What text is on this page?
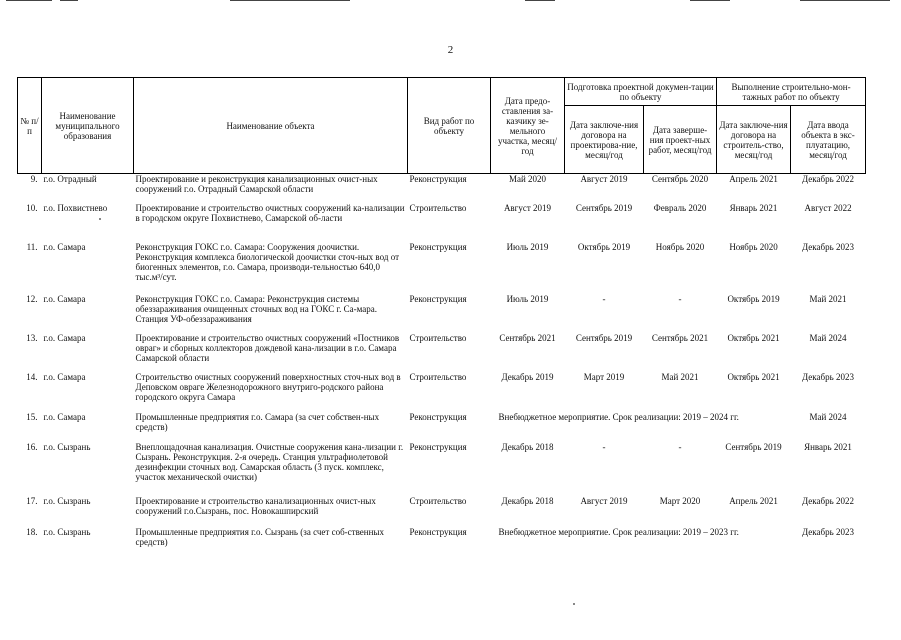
2
№ п/п	Наименование муниципального образования	Наименование объекта	Вид работ по объекту	Дата предо-ставления за-казчику зе-мельного участка, месяц/год	Подготовка проектной докумен-тации по объекту		Выполнение строительно-мон-тажных работ по объекту	
					Дата заключе-ния договора на проектирова-ние, месяц/год	Дата заверше-ния проект-ных работ, месяц/год	Дата заключе-ния договора на строитель-ство, месяц/год	Дата ввода объекта в экс-плуатацию, месяц/год
9.	г.о. Отрадный	Проектирование и реконструкция канализационных очист-ных сооружений г.о. Отрадный Самарской области	Реконструкция	Май 2020	Август 2019	Сентябрь 2020	Апрель 2021	Декабрь 2022
10.	г.о. Похвистнево	Проектирование и строительство очистных сооружений ка-нализации в городском округе Похвистнево, Самарской об-ласти	Строительство	Август 2019	Сентябрь 2019	Февраль 2020	Январь 2021	Август 2022
11.	г.о. Самара	Реконструкция ГОКС г.о. Самара: Сооружения доочистки. Реконструкция комплекса биологической доочистки сточ-ных вод от биогенных элементов, г.о. Самара, производи-тельностью 640,0 тыс.м³/сут.	Реконструкция	Июль 2019	Октябрь 2019	Ноябрь 2020	Ноябрь 2020	Декабрь 2023
12.	г.о. Самара	Реконструкция ГОКС г.о. Самара: Реконструкция системы обеззараживания очищенных сточных вод на ГОКС г. Са-мара. Станция УФ-обеззараживания	Реконструкция	Июль 2019	-	-	Октябрь 2019	Май 2021
13.	г.о. Самара	Проектирование и строительство очистных сооружений «Постников овраг» и сборных коллекторов дождевой кана-лизации в г.о. Самара Самарской области	Строительство	Сентябрь 2021	Сентябрь 2019	Сентябрь 2021	Октябрь 2021	Май 2024
14.	г.о. Самара	Строительство очистных сооружений поверхностных сточ-ных вод в Деповском овраге Железнодорожного внутриго-родского района городского округа Самара	Строительство	Декабрь 2019	Март 2019	Май 2021	Октябрь 2021	Декабрь 2023
15.	г.о. Самара	Промышленные предприятия г.о. Самара (за счет собствен-ных средств)	Реконструкция	Внебюджетное мероприятие. Срок реализации: 2019 – 2024 гг.				Май 2024
16.	г.о. Сызрань	Внеплощадочная канализация. Очистные сооружения кана-лизации г. Сызрань. Реконструкция. 2-я очередь. Станция ультрафиолетовой дезинфекции сточных вод. Самарская область (3 пуск. комплекс, участок механической очистки)	Реконструкция	Декабрь 2018	-	-	Сентябрь 2019	Январь 2021
17.	г.о. Сызрань	Проектирование и строительство канализационных очист-ных сооружений г.о.Сызрань, пос. Новокашпирский	Строительство	Декабрь 2018	Август 2019	Март 2020	Апрель 2021	Декабрь 2022
18.	г.о. Сызрань	Промышленные предприятия г.о. Сызрань (за счет соб-ственных средств)	Реконструкция	Внебюджетное мероприятие. Срок реализации: 2019 – 2023 гг.				Декабрь 2023
